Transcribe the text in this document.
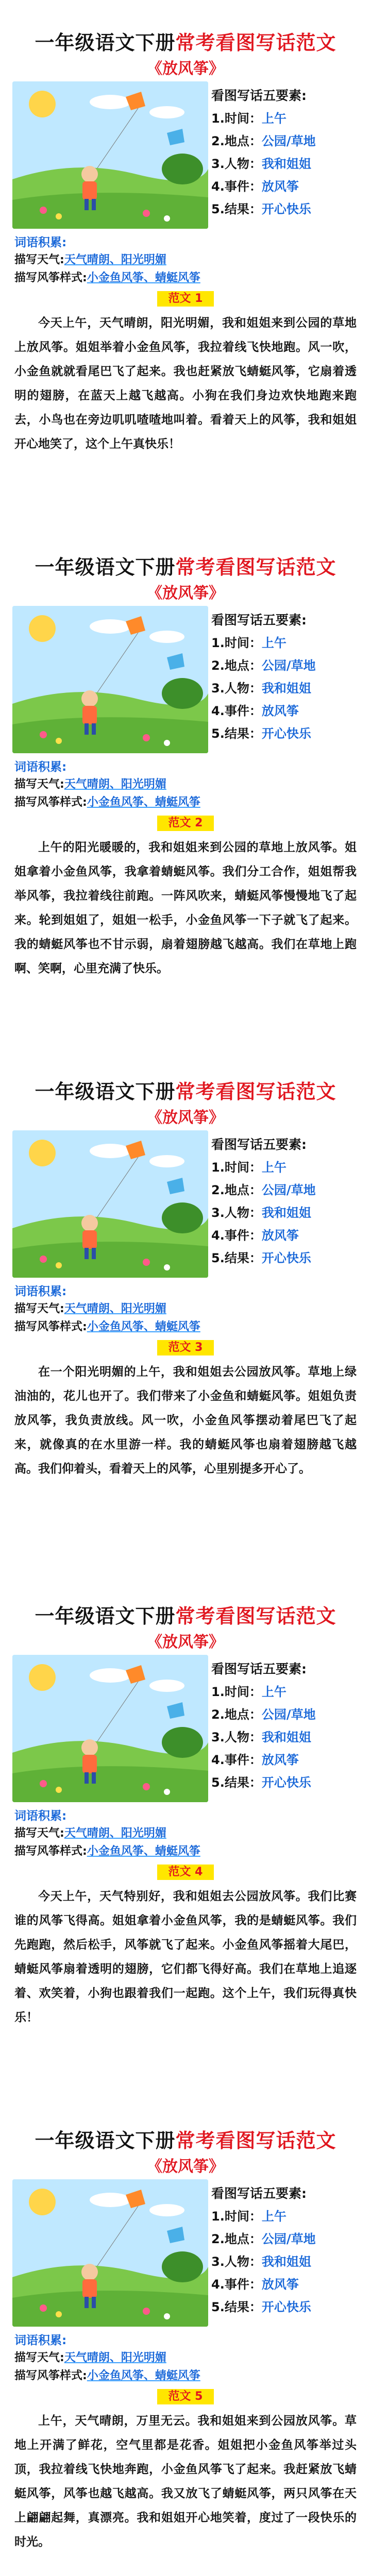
一年级语文下册常考看图写话范文
《放风筝》
看图写话五要素:
1.时间：上午
2.地点：公园/草地
3.人物：我和姐姐
4.事件：放风筝
5.结果：开心快乐
词语积累:
描写天气:天气晴朗、阳光明媚
描写风筝样式:小金鱼风筝、蜻蜓风筝
范文 1
今天上午，天气晴朗，阳光明媚，我和姐姐来到公园的草地上放风筝。姐姐举着小金鱼风筝，我拉着线飞快地跑。风一吹，小金鱼就就看尾巴飞了起来。我也赶紧放飞蜻蜓风筝，它扇着透明的翅膀，在蓝天上越飞越高。小狗在我们身边欢快地跑来跑去，小鸟也在旁边叽叽喳喳地叫着。看着天上的风筝，我和姐姐开心地笑了，这个上午真快乐！
一年级语文下册常考看图写话范文
《放风筝》
看图写话五要素:
1.时间：上午
2.地点：公园/草地
3.人物：我和姐姐
4.事件：放风筝
5.结果：开心快乐
词语积累:
描写天气:天气晴朗、阳光明媚
描写风筝样式:小金鱼风筝、蜻蜓风筝
范文 2
上午的阳光暖暖的，我和姐姐来到公园的草地上放风筝。姐姐拿着小金鱼风筝，我拿着蜻蜓风筝。我们分工合作，姐姐帮我举风筝，我拉着线往前跑。一阵风吹来，蜻蜓风筝慢慢地飞了起来。轮到姐姐了，姐姐一松手，小金鱼风筝一下子就飞了起来。我的蜻蜓风筝也不甘示弱，扇着翅膀越飞越高。我们在草地上跑啊、笑啊，心里充满了快乐。
一年级语文下册常考看图写话范文
《放风筝》
看图写话五要素:
1.时间：上午
2.地点：公园/草地
3.人物：我和姐姐
4.事件：放风筝
5.结果：开心快乐
词语积累:
描写天气:天气晴朗、阳光明媚
描写风筝样式:小金鱼风筝、蜻蜓风筝
范文 3
在一个阳光明媚的上午，我和姐姐去公园放风筝。草地上绿油油的，花儿也开了。我们带来了小金鱼和蜻蜓风筝。姐姐负责放风筝，我负责放线。风一吹，小金鱼风筝摆动着尾巴飞了起来，就像真的在水里游一样。我的蜻蜓风筝也扇着翅膀越飞越高。我们仰着头，看着天上的风筝，心里别提多开心了。
一年级语文下册常考看图写话范文
《放风筝》
看图写话五要素:
1.时间：上午
2.地点：公园/草地
3.人物：我和姐姐
4.事件：放风筝
5.结果：开心快乐
词语积累:
描写天气:天气晴朗、阳光明媚
描写风筝样式:小金鱼风筝、蜻蜓风筝
范文 4
今天上午，天气特别好，我和姐姐去公园放风筝。我们比赛谁的风筝飞得高。姐姐拿着小金鱼风筝，我的是蜻蜓风筝。我们先跑跑，然后松手，风筝就飞了起来。小金鱼风筝摇着大尾巴，蜻蜓风筝扇着透明的翅膀，它们都飞得好高。我们在草地上追逐着、欢笑着，小狗也跟着我们一起跑。这个上午，我们玩得真快乐！
一年级语文下册常考看图写话范文
《放风筝》
看图写话五要素:
1.时间：上午
2.地点：公园/草地
3.人物：我和姐姐
4.事件：放风筝
5.结果：开心快乐
词语积累:
描写天气:天气晴朗、阳光明媚
描写风筝样式:小金鱼风筝、蜻蜓风筝
范文 5
上午，天气晴朗，万里无云。我和姐姐来到公园放风筝。草地上开满了鲜花，空气里都是花香。姐姐把小金鱼风筝举过头顶，我拉着线飞快地奔跑，小金鱼风筝飞了起来。我赶紧放飞蜻蜓风筝，风筝也越飞越高。我又放飞了蜻蜓风筝，两只风筝在天上翩翩起舞，真漂亮。我和姐姐开心地笑着，度过了一段快乐的时光。
